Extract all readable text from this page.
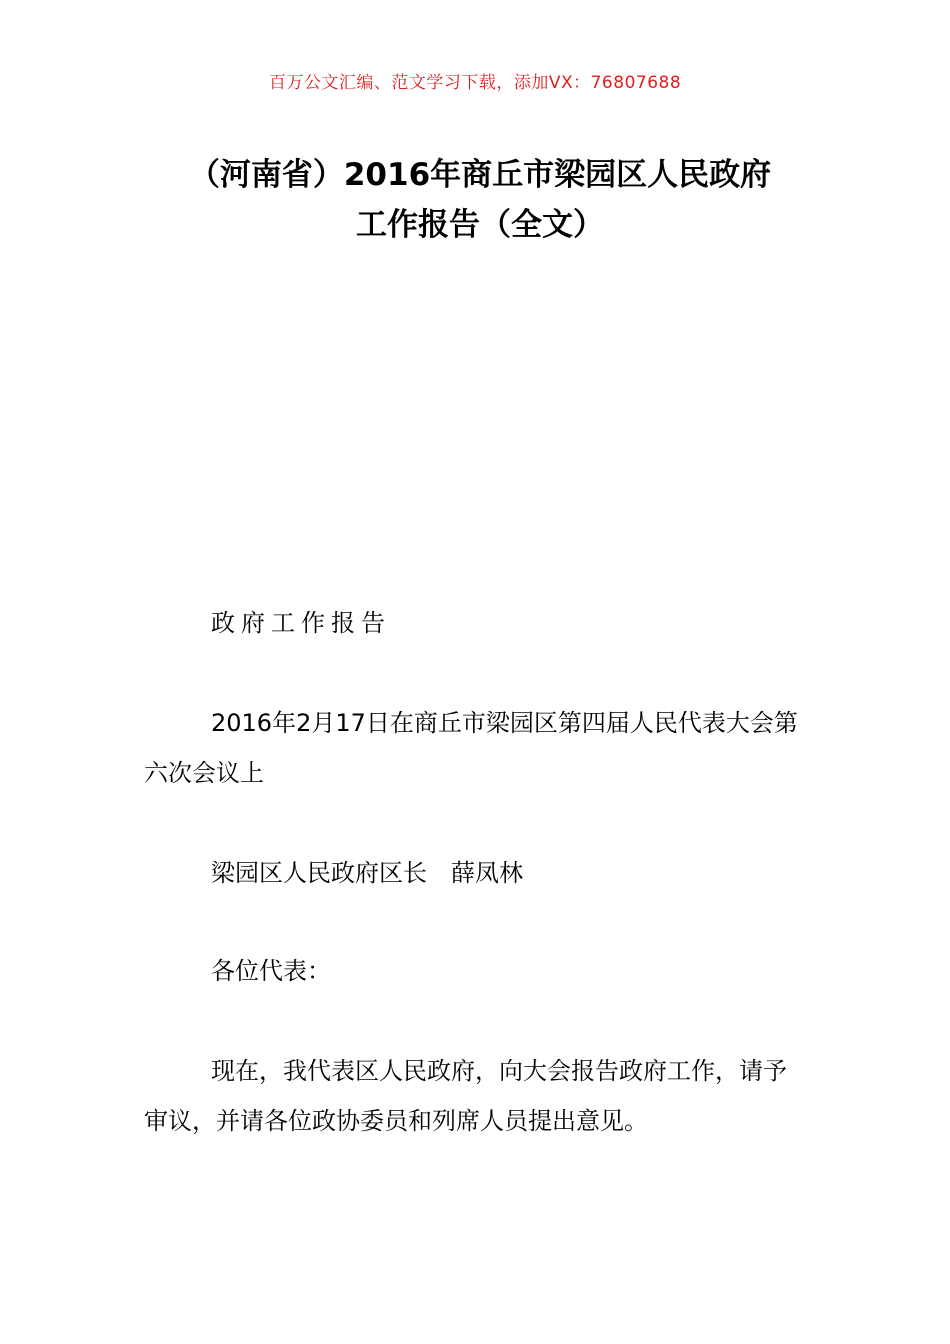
百万公文汇编、范文学习下载，添加VX：76807688
（河南省）2016年商丘市梁园区人民政府
工作报告（全文）
政府工作报告
2016年2月17日在商丘市梁园区第四届人民代表大会第六次会议上
梁园区人民政府区长　薛凤林
各位代表：
现在，我代表区人民政府，向大会报告政府工作，请予审议，并请各位政协委员和列席人员提出意见。
